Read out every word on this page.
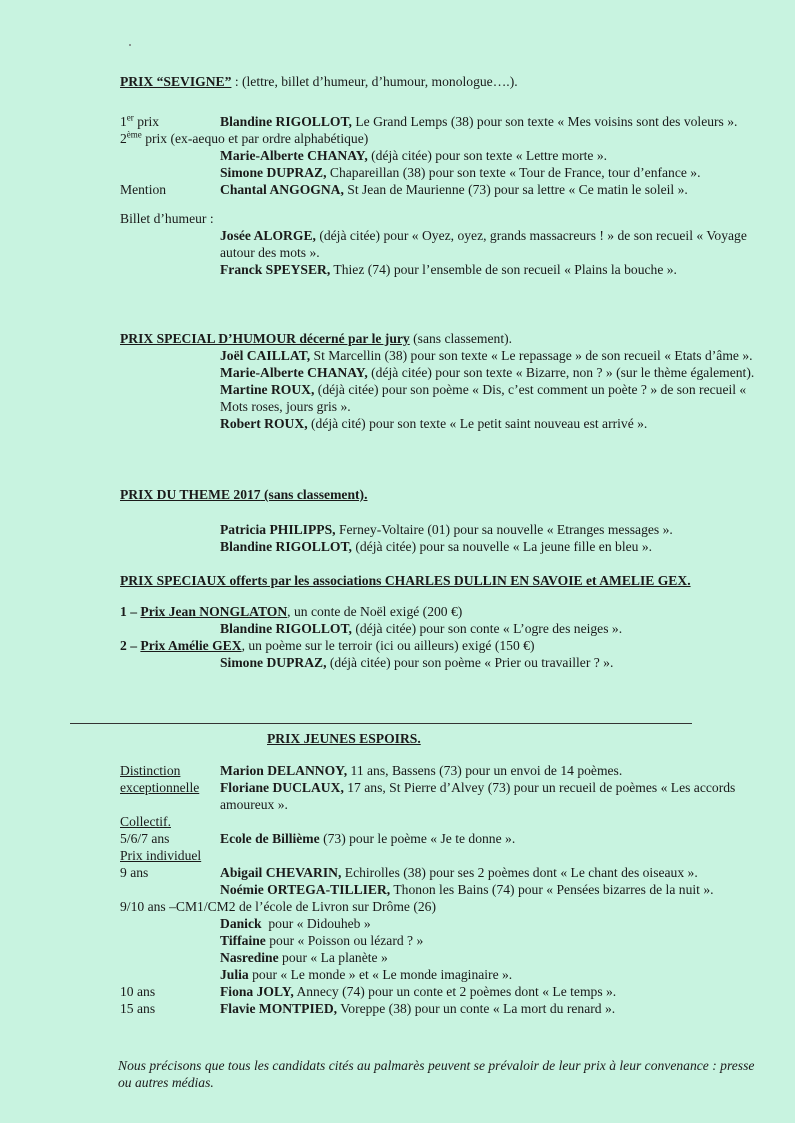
PRIX “SEVIGNE” : (lettre, billet d’humeur, d’humour, monologue….).
1er prix	Blandine RIGOLLOT, Le Grand Lemps (38) pour son texte « Mes voisins sont des voleurs ».
2ème prix (ex-aequo et par ordre alphabétique)
Marie-Alberte CHANAY, (déjà citée) pour son texte « Lettre morte ».
Simone DUPRAZ, Chapareillan (38) pour son texte « Tour de France, tour d’enfance ».
Mention	Chantal ANGOGNA, St Jean de Maurienne (73) pour sa lettre « Ce matin le soleil ».
Billet d’humeur :
Josée ALORGE, (déjà citée) pour « Oyez, oyez, grands massacreurs ! » de son recueil « Voyage autour des mots ».
Franck SPEYSER, Thiez (74) pour l’ensemble de son recueil « Plains la bouche ».
PRIX SPECIAL D’HUMOUR décerné par le jury (sans classement).
Joël CAILLAT, St Marcellin (38) pour son texte « Le repassage » de son recueil « Etats d’âme ».
Marie-Alberte CHANAY, (déjà citée) pour son texte « Bizarre, non ? » (sur le thème également).
Martine ROUX, (déjà citée) pour son poème « Dis, c’est comment un poète ? » de son recueil « Mots roses, jours gris ».
Robert ROUX, (déjà cité) pour son texte « Le petit saint nouveau est arrivé ».
PRIX DU THEME 2017 (sans classement).
Patricia PHILIPPS, Ferney-Voltaire (01) pour sa nouvelle « Etranges messages ».
Blandine RIGOLLOT, (déjà citée) pour sa nouvelle « La jeune fille en bleu ».
PRIX SPECIAUX offerts par les associations CHARLES DULLIN EN SAVOIE et AMELIE GEX.
1 – Prix Jean NONGLATON, un conte de Noël exigé (200 €)
Blandine RIGOLLOT, (déjà citée) pour son conte « L’ogre des neiges ».
2 – Prix Amélie GEX, un poème sur le terroir (ici ou ailleurs) exigé (150 €)
Simone DUPRAZ, (déjà citée) pour son poème « Prier ou travailler ? ».
PRIX JEUNES ESPOIRS.
Distinction	Marion DELANNOY, 11 ans, Bassens (73) pour un envoi de 14 poèmes.
exceptionnelle	Floriane DUCLAUX, 17 ans, St Pierre d’Alvey (73) pour un recueil de poèmes « Les accords amoureux ».
Collectif.
5/6/7 ans	Ecole de Billième (73) pour le poème « Je te donne ».
Prix individuel
9 ans	Abigail CHEVARIN, Echirolles (38) pour ses 2 poèmes dont « Le chant des oiseaux ».
Noémie ORTEGA-TILLIER, Thonon les Bains (74) pour « Pensées bizarres de la nuit ».
9/10 ans –CM1/CM2 de l’école de Livron sur Drôme (26)
Danick  pour « Didouheb »
Tiffaine pour « Poisson ou lézard ? »
Nasredine pour « La planète »
Julia pour « Le monde » et « Le monde imaginaire ».
10 ans	Fiona JOLY, Annecy (74) pour un conte et 2 poèmes dont « Le temps ».
15 ans	Flavie MONTPIED, Voreppe (38) pour un conte « La mort du renard ».
Nous précisons que tous les candidats cités au palmarès peuvent se prévaloir de leur prix à leur convenance : presse ou autres médias.
